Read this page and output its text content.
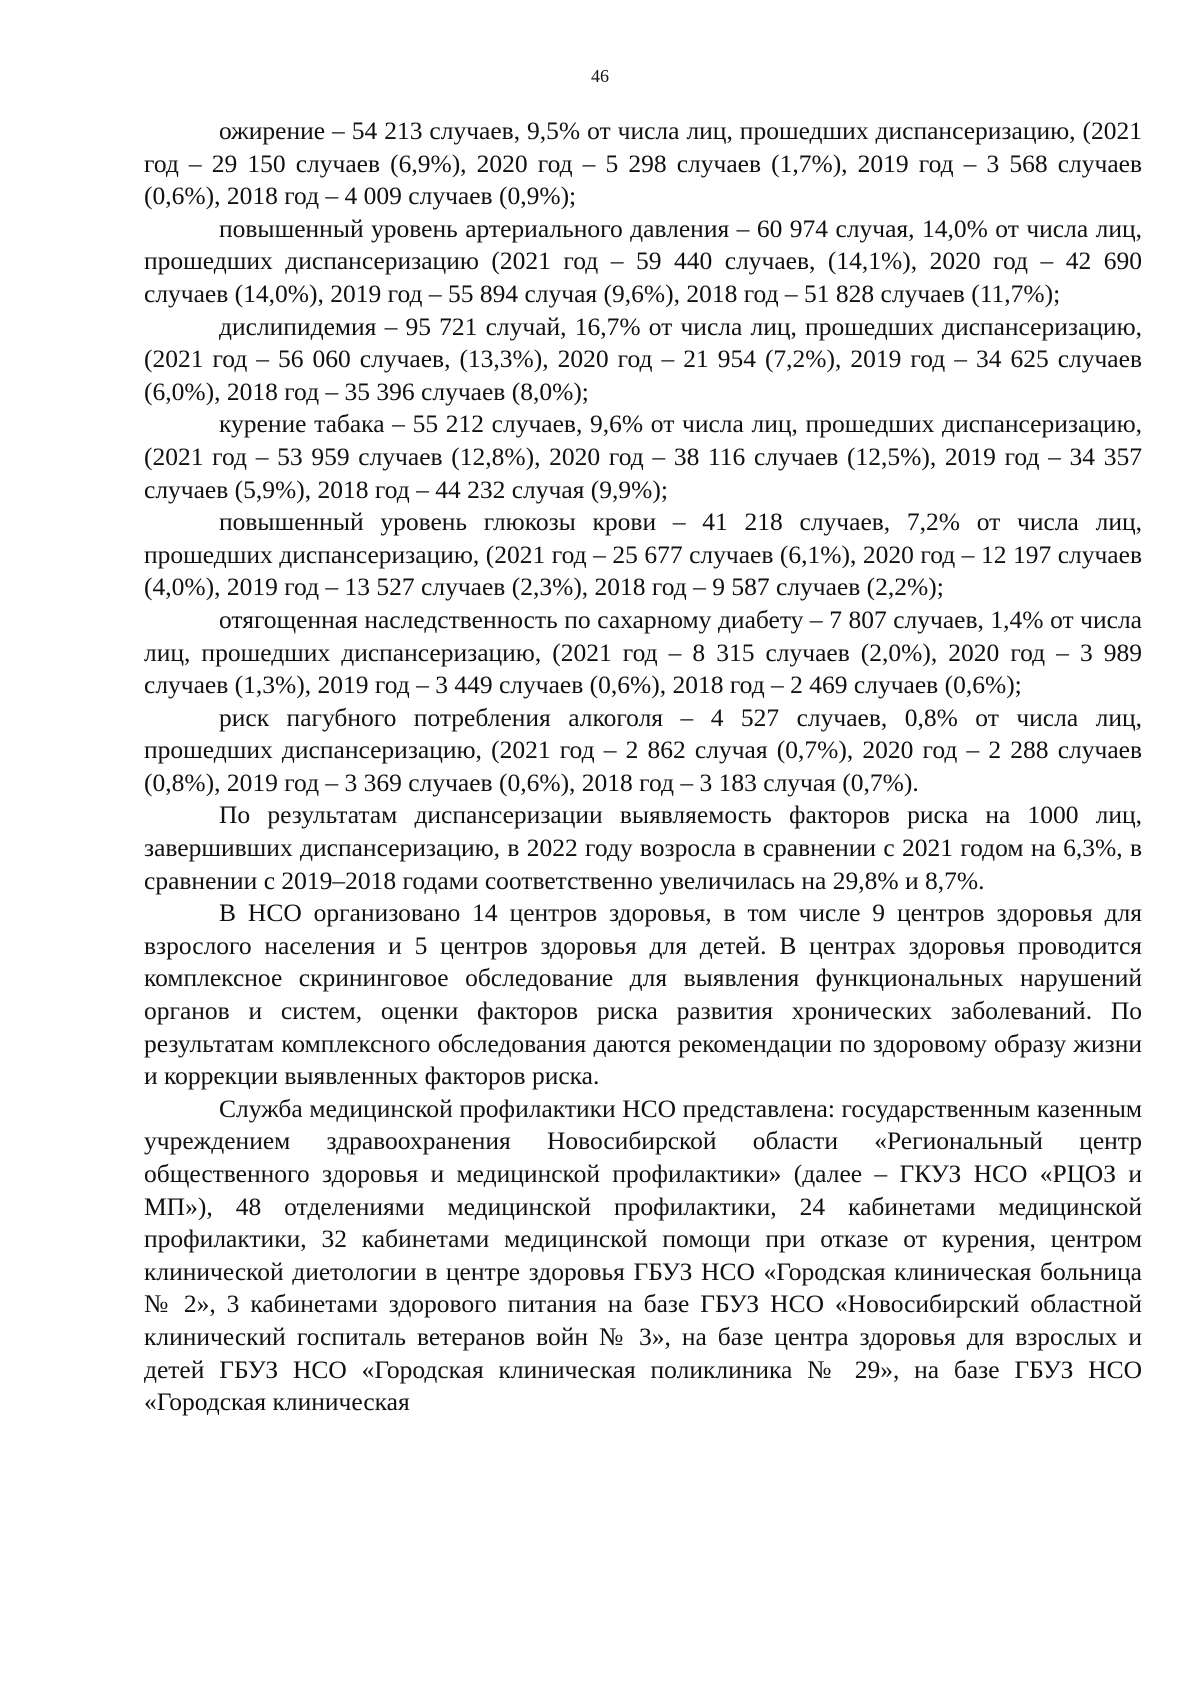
46

ожирение – 54 213 случаев, 9,5% от числа лиц, прошедших диспансеризацию, (2021 год – 29 150 случаев (6,9%), 2020 год – 5 298 случаев (1,7%), 2019 год – 3 568 случаев (0,6%), 2018 год – 4 009 случаев (0,9%);

повышенный уровень артериального давления – 60 974 случая, 14,0% от числа лиц, прошедших диспансеризацию (2021 год – 59 440 случаев, (14,1%), 2020 год – 42 690 случаев (14,0%), 2019 год – 55 894 случая (9,6%), 2018 год – 51 828 случаев (11,7%);

дислипидемия – 95 721 случай, 16,7% от числа лиц, прошедших диспансеризацию, (2021 год – 56 060 случаев, (13,3%), 2020 год – 21 954 (7,2%), 2019 год – 34 625 случаев (6,0%), 2018 год – 35 396 случаев (8,0%);

курение табака – 55 212 случаев, 9,6% от числа лиц, прошедших диспансеризацию, (2021 год – 53 959 случаев (12,8%), 2020 год – 38 116 случаев (12,5%), 2019 год – 34 357 случаев (5,9%), 2018 год – 44 232 случая (9,9%);

повышенный уровень глюкозы крови – 41 218 случаев, 7,2% от числа лиц, прошедших диспансеризацию, (2021 год – 25 677 случаев (6,1%), 2020 год – 12 197 случаев (4,0%), 2019 год – 13 527 случаев (2,3%), 2018 год – 9 587 случаев (2,2%);

отягощенная наследственность по сахарному диабету – 7 807 случаев, 1,4% от числа лиц, прошедших диспансеризацию, (2021 год – 8 315 случаев (2,0%), 2020 год – 3 989 случаев (1,3%), 2019 год – 3 449 случаев (0,6%), 2018 год – 2 469 случаев (0,6%);

риск пагубного потребления алкоголя – 4 527 случаев, 0,8% от числа лиц, прошедших диспансеризацию, (2021 год – 2 862 случая (0,7%), 2020 год – 2 288 случаев (0,8%), 2019 год – 3 369 случаев (0,6%), 2018 год – 3 183 случая (0,7%).

По результатам диспансеризации выявляемость факторов риска на 1000 лиц, завершивших диспансеризацию, в 2022 году возросла в сравнении с 2021 годом на 6,3%, в сравнении с 2019–2018 годами соответственно увеличилась на 29,8% и 8,7%.

В НСО организовано 14 центров здоровья, в том числе 9 центров здоровья для взрослого населения и 5 центров здоровья для детей. В центрах здоровья проводится комплексное скрининговое обследование для выявления функциональных нарушений органов и систем, оценки факторов риска развития хронических заболеваний. По результатам комплексного обследования даются рекомендации по здоровому образу жизни и коррекции выявленных факторов риска.

Служба медицинской профилактики НСО представлена: государственным казенным учреждением здравоохранения Новосибирской области «Региональный центр общественного здоровья и медицинской профилактики» (далее – ГКУЗ НСО «РЦОЗ и МП»), 48 отделениями медицинской профилактики, 24 кабинетами медицинской профилактики, 32 кабинетами медицинской помощи при отказе от курения, центром клинической диетологии в центре здоровья ГБУЗ НСО «Городская клиническая больница № 2», 3 кабинетами здорового питания на базе ГБУЗ НСО «Новосибирский областной клинический госпиталь ветеранов войн № 3», на базе центра здоровья для взрослых и детей ГБУЗ НСО «Городская клиническая поликлиника № 29», на базе ГБУЗ НСО «Городская клиническая
